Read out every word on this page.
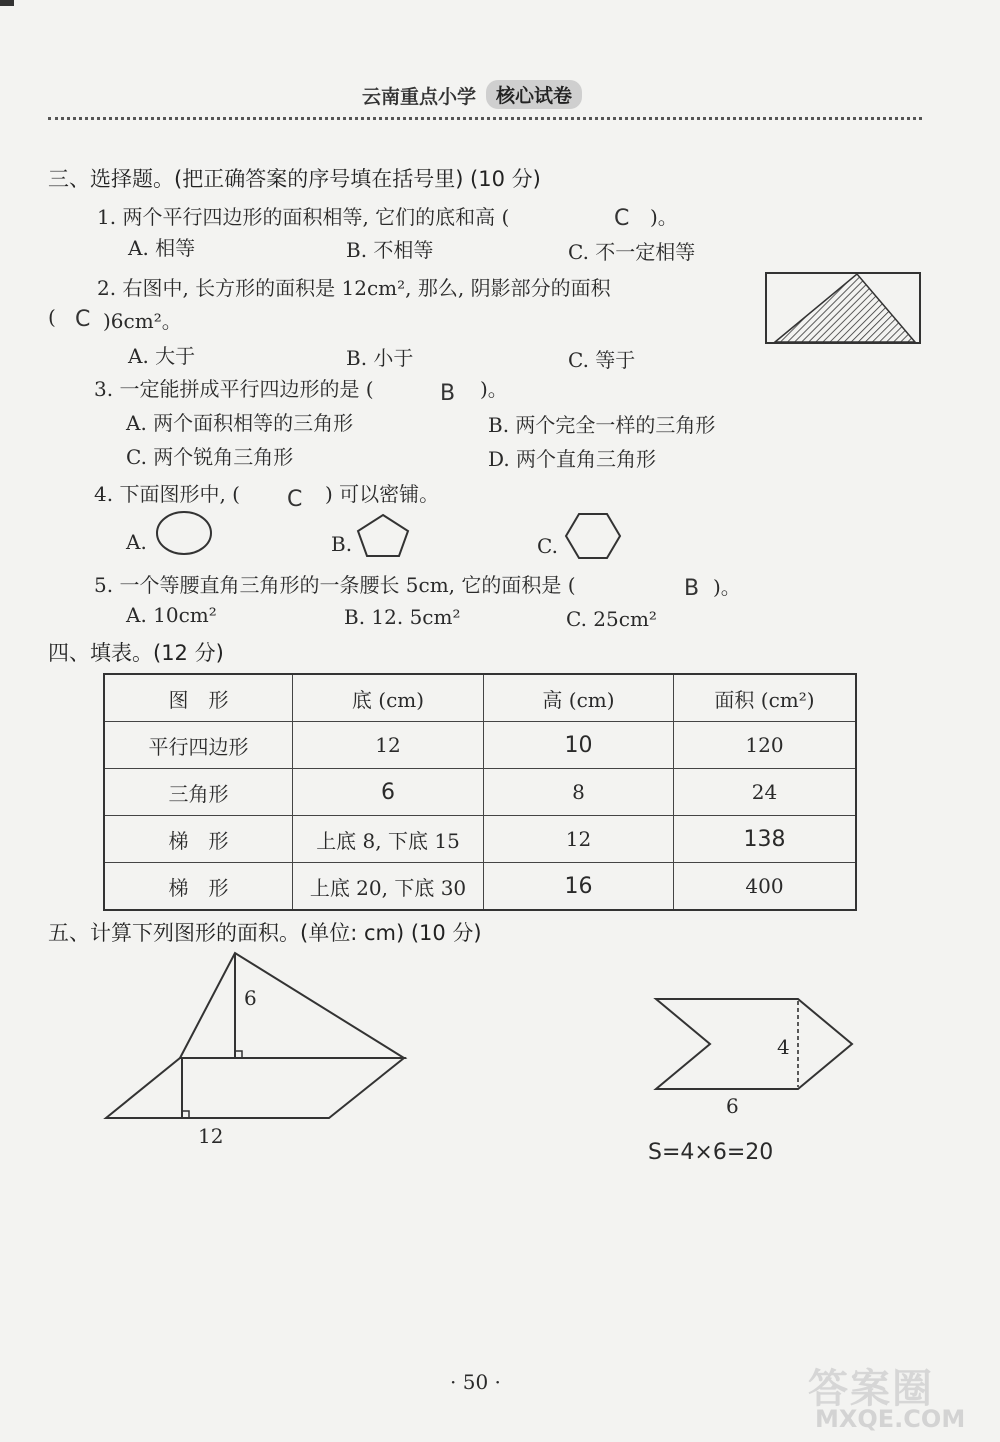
云南重点小学	核心试卷
三、选择题。(把正确答案的序号填在括号里) (10 分)
1. 两个平行四边形的面积相等, 它们的底和高 (	C )。
A. 相等	B. 不相等	C. 不一定相等
2. 右图中, 长方形的面积是 12cm², 那么, 阴影部分的面积
( C )6cm²。
A. 大于	B. 小于	C. 等于
3. 一定能拼成平行四边形的是 (	B )。
A. 两个面积相等的三角形	B. 两个完全一样的三角形
C. 两个锐角三角形	D. 两个直角三角形
4. 下面图形中, ( C ) 可以密铺。
A.	B.	C.
5. 一个等腰直角三角形的一条腰长 5cm, 它的面积是 (	B )。
A. 10cm²	B. 12. 5cm²	C. 25cm²
四、填表。(12 分)
图　形	底 (cm)	高 (cm)	面积 (cm²)
平行四边形	12	10	120
三角形	6	8	24
梯　形	上底 8, 下底 15	12	138
梯　形	上底 20, 下底 30	16	400
五、计算下列图形的面积。(单位: cm) (10 分)
6
12
4
6
S=4×6=20
· 50 ·	答案圈
MXQE.COM
